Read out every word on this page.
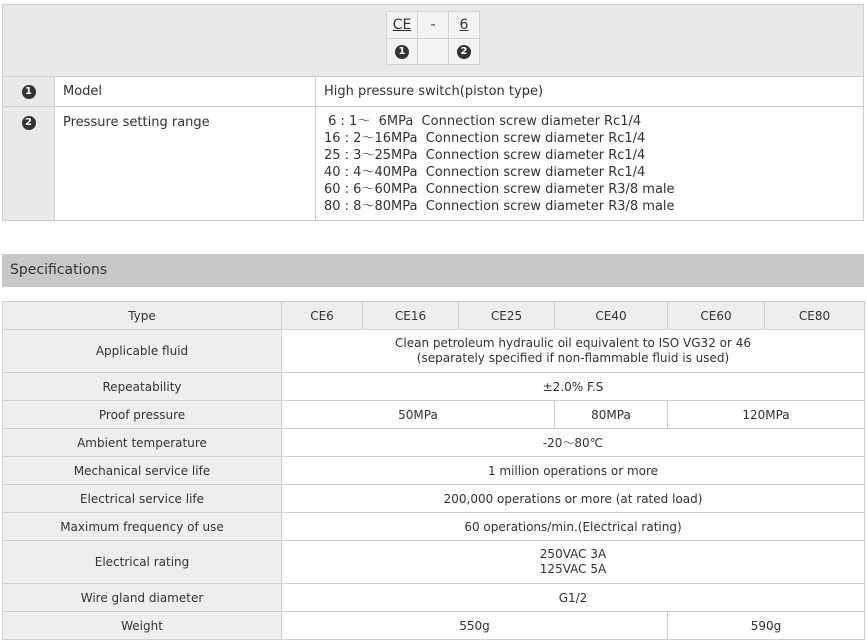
CE	-	6
1		2
1	Model	High pressure switch(piston type)
2	Pressure setting range	6 : 1～  6MPa  Connection screw diameter Rc1/4
16 : 2～16MPa  Connection screw diameter Rc1/4
25 : 3～25MPa  Connection screw diameter Rc1/4
40 : 4～40MPa  Connection screw diameter Rc1/4
60 : 6～60MPa  Connection screw diameter R3/8 male
80 : 8～80MPa  Connection screw diameter R3/8 male
Specifications
Type	CE6	CE16	CE25	CE40	CE60	CE80
Applicable fluid	Clean petroleum hydraulic oil equivalent to ISO VG32 or 46
(separately specified if non-flammable fluid is used)					

Repeatability	±2.0% F.S					
Proof pressure	50MPa			80MPa	120MPa	
Ambient temperature	-20～80℃					
Mechanical service life	1 million operations or more					
Electrical service life	200,000 operations or more (at rated load)					
Maximum frequency of use	60 operations/min.(Electrical rating)					
Electrical rating	250VAC 3A
125VAC 5A					

Wire gland diameter	G1/2					
Weight	550g				590g	
